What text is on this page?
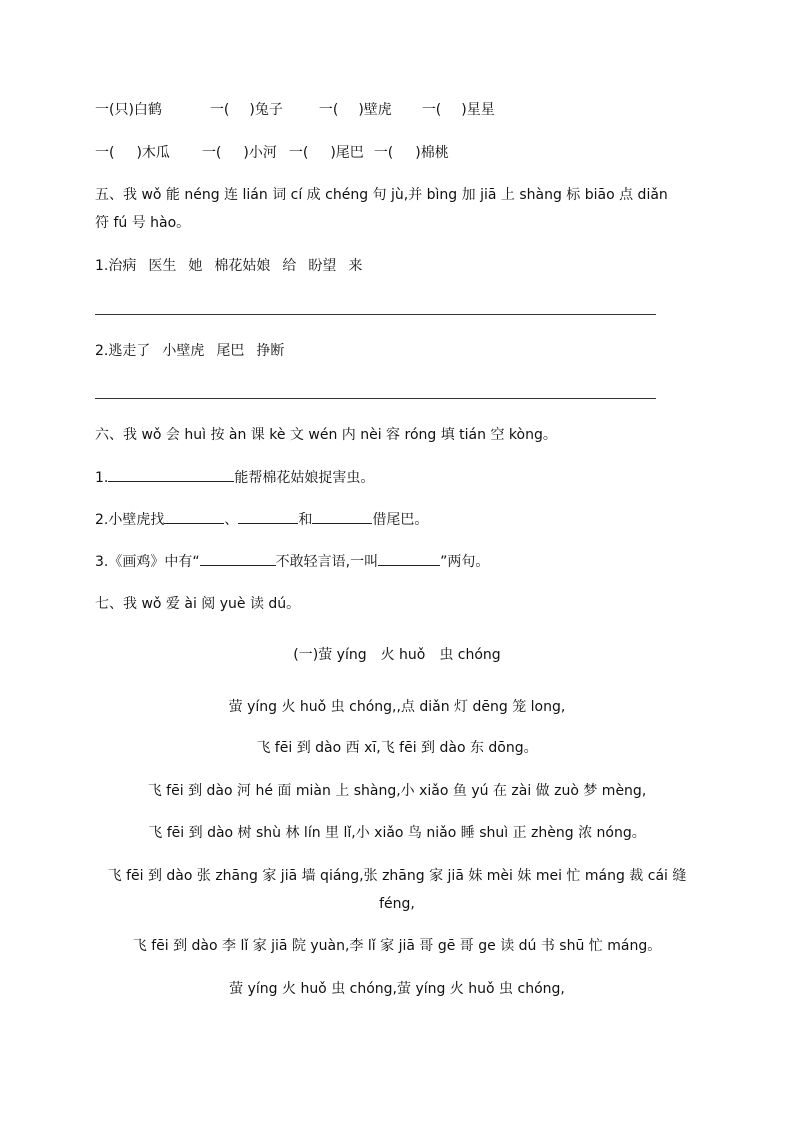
一(只)白鹤	一( )兔子	一( )壁虎 一( )星星
一( )木瓜 一( )小河 一( )尾巴 一( )棉桃
五、我 wǒ 能 néng 连 lián 词 cí 成 chéng 句 jù,并 bìng 加 jiā 上 shàng 标 biāo 点 diǎn
符 fú 号 hào。
1.治病 医生 她 棉花姑娘 给 盼望 来
2.逃走了 小壁虎 尾巴 挣断
六、我 wǒ 会 huì 按 àn 课 kè 文 wén 内 nèi 容 róng 填 tián 空 kòng。
1.	能帮棉花姑娘捉害虫。
2.小壁虎找	、	和	借尾巴。
3.《画鸡》中有“	不敢轻言语,一叫	”两句。
七、我 wǒ 爱 ài 阅 yuè 读 dú。
(一)萤 yíng　火 huǒ　虫 chóng
萤 yíng 火 huǒ 虫 chóng,,点 diǎn 灯 dēng 笼 long,
飞 fēi 到 dào 西 xī,飞 fēi 到 dào 东 dōng。
飞 fēi 到 dào 河 hé 面 miàn 上 shàng,小 xiǎo 鱼 yú 在 zài 做 zuò 梦 mèng,
飞 fēi 到 dào 树 shù 林 lín 里 lǐ,小 xiǎo 鸟 niǎo 睡 shuì 正 zhèng 浓 nóng。
飞 fēi 到 dào 张 zhāng 家 jiā 墙 qiáng,张 zhāng 家 jiā 妹 mèi 妹 mei 忙 máng 裁 cái 缝
féng,
飞 fēi 到 dào 李 lǐ 家 jiā 院 yuàn,李 lǐ 家 jiā 哥 gē 哥 ge 读 dú 书 shū 忙 máng。
萤 yíng 火 huǒ 虫 chóng,萤 yíng 火 huǒ 虫 chóng,
